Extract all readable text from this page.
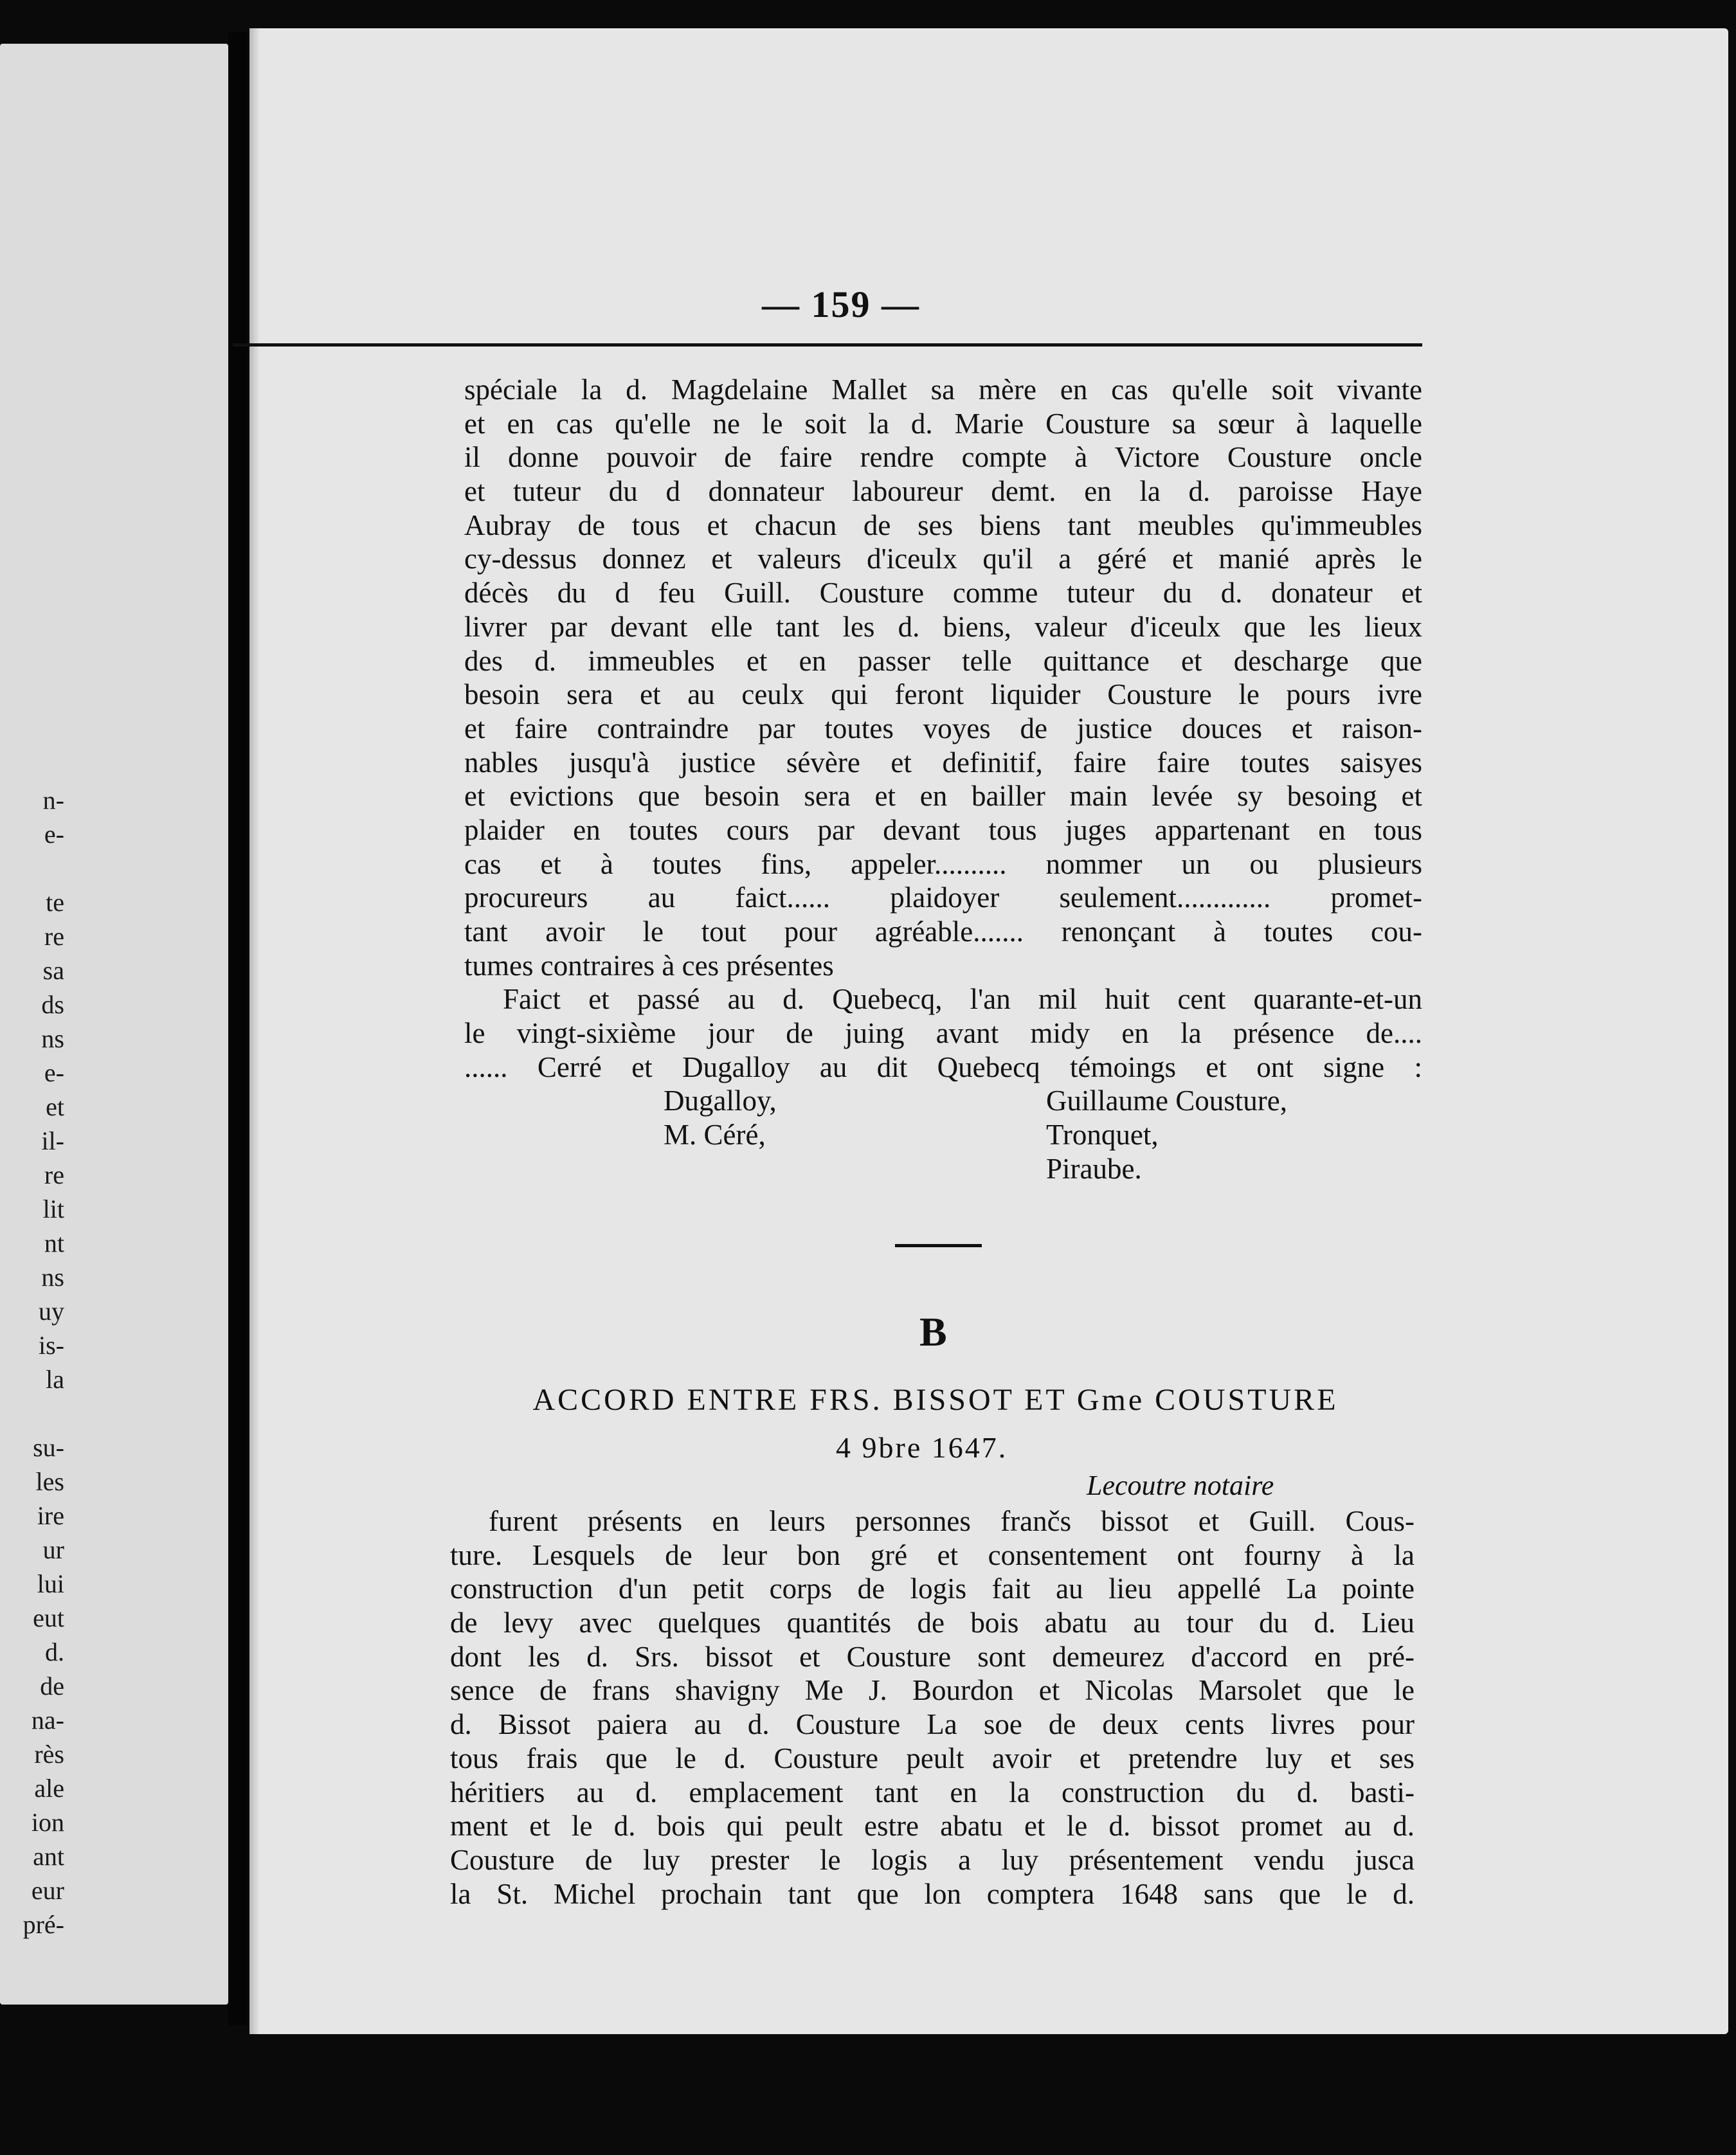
n-
e-
te
re
sa
ds
ns
e-
et
il-
re
lit
nt
ns
uy
is-
la
su-
les
ire
ur
lui
eut
d.
de
na-
rès
ale
ion
ant
eur
pré-
— 159 —
spéciale la d. Magdelaine Mallet sa mère en cas qu'elle soit vivante
et en cas qu'elle ne le soit la d. Marie Cousture sa sœur à laquelle
il donne pouvoir de faire rendre compte à Victore Cousture oncle
et tuteur du d donnateur laboureur demt. en la d. paroisse Haye
Aubray de tous et chacun de ses biens tant meubles qu'immeubles
cy-dessus donnez et valeurs d'iceulx qu'il a géré et manié après le
décès du d feu Guill. Cousture comme tuteur du d. donateur et
livrer par devant elle tant les d. biens, valeur d'iceulx que les lieux
des d. immeubles et en passer telle quittance et descharge que
besoin sera et au ceulx qui feront liquider Cousture le pours ivre
et faire contraindre par toutes voyes de justice douces et raison-
nables jusqu'à justice sévère et definitif, faire faire toutes saisyes
et evictions que besoin sera et en bailler main levée sy besoing et
plaider en toutes cours par devant tous juges appartenant en tous
cas et à toutes fins, appeler.......... nommer un ou plusieurs
procureurs au faict...... plaidoyer seulement............. promet-
tant avoir le tout pour agréable....... renonçant à toutes cou-
tumes contraires à ces présentes
Faict et passé au d. Quebecq, l'an mil huit cent quarante-et-un
le vingt-sixième jour de juing avant midy en la présence de....
...... Cerré et Dugalloy au dit Quebecq témoings et ont signe :
Dugalloy,	Guillaume Cousture,
M. Céré,	Tronquet,
Piraube.
B
ACCORD ENTRE FRS. BISSOT ET Gme COUSTURE
4 9bre 1647.
Lecoutre notaire
furent présents en leurs personnes frančs bissot et Guill. Cous-
ture. Lesquels de leur bon gré et consentement ont fourny à la
construction d'un petit corps de logis fait au lieu appellé La pointe
de levy avec quelques quantités de bois abatu au tour du d. Lieu
dont les d. Srs. bissot et Cousture sont demeurez d'accord en pré-
sence de frans shavigny Me J. Bourdon et Nicolas Marsolet que le
d. Bissot paiera au d. Cousture La soe de deux cents livres pour
tous frais que le d. Cousture peult avoir et pretendre luy et ses
héritiers au d. emplacement tant en la construction du d. basti-
ment et le d. bois qui peult estre abatu et le d. bissot promet au d.
Cousture de luy prester le logis a luy présentement vendu jusca
la St. Michel prochain tant que lon comptera 1648 sans que le d.
